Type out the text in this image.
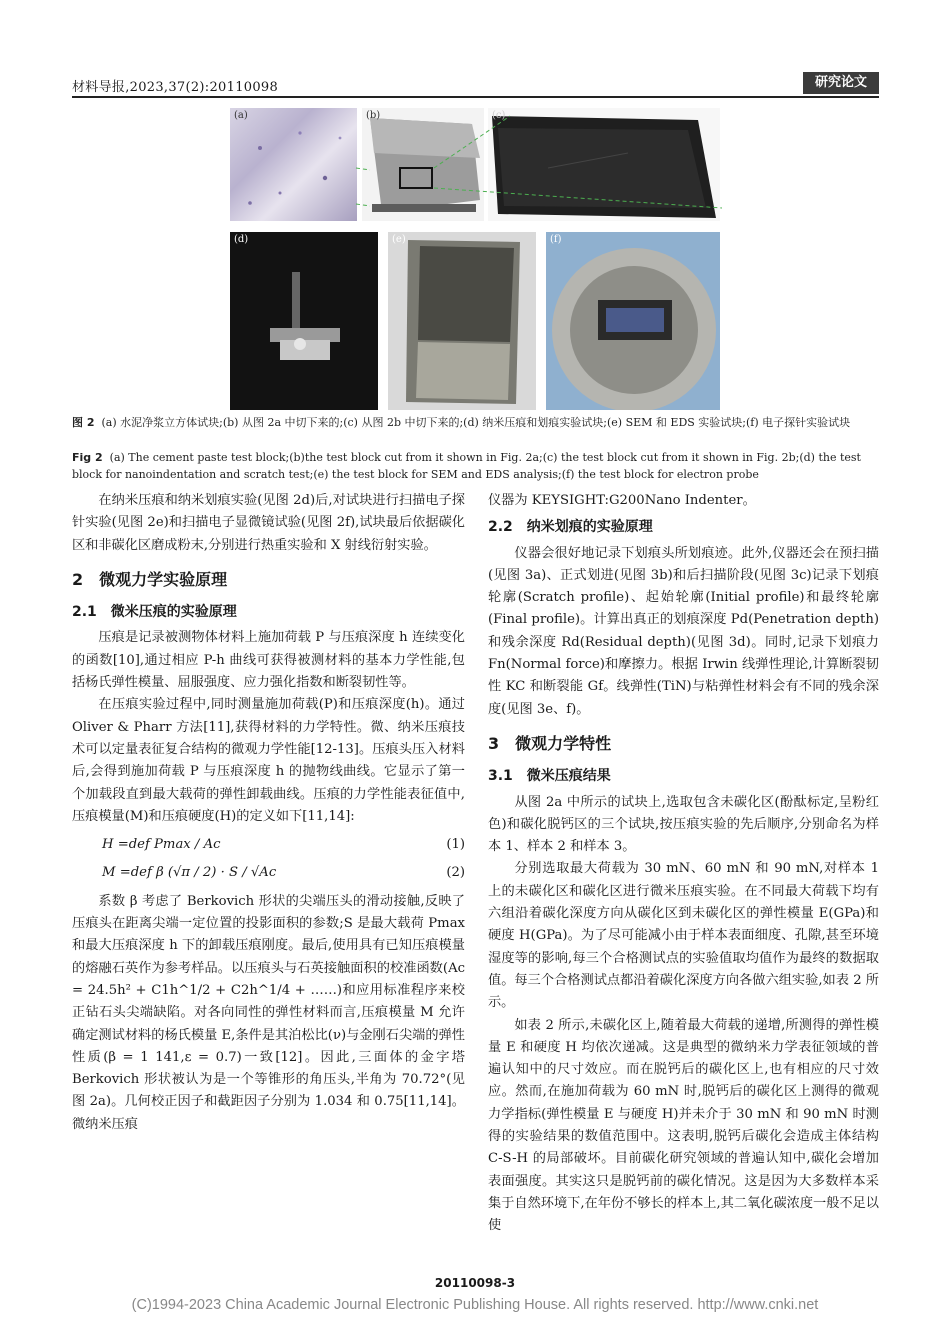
材料导报,2023,37(2):20110098	研究论文
(a)	(b)	(c)
(d)	(e)	(f)
图 2 (a) 水泥净浆立方体试块;(b) 从图 2a 中切下来的;(c) 从图 2b 中切下来的;(d) 纳米压痕和划痕实验试块;(e) SEM 和 EDS 实验试块;(f) 电子探针实验试块
Fig 2 (a) The cement paste test block;(b)the test block cut from it shown in Fig. 2a;(c) the test block cut from it shown in Fig. 2b;(d) the test block for nanoindentation and scratch test;(e) the test block for SEM and EDS analysis;(f) the test block for electron probe

在纳米压痕和纳米划痕实验(见图 2d)后,对试块进行扫描电子探针实验(见图 2e)和扫描电子显微镜试验(见图 2f),试块最后依据碳化区和非碳化区磨成粉末,分别进行热重实验和 X 射线衍射实验。

2　微观力学实验原理
2.1　微米压痕的实验原理

压痕是记录被测物体材料上施加荷载 P 与压痕深度 h 连续变化的函数[10],通过相应 P-h 曲线可获得被测材料的基本力学性能,包括杨氏弹性模量、屈服强度、应力强化指数和断裂韧性等。

在压痕实验过程中,同时测量施加荷载(P)和压痕深度(h)。通过 Oliver & Pharr 方法[11],获得材料的力学特性。微、纳米压痕技术可以定量表征复合结构的微观力学性能[12-13]。压痕头压入材料后,会得到施加荷载 P 与压痕深度 h 的抛物线曲线。它显示了第一个加载段直到最大载荷的弹性卸载曲线。压痕的力学性能表征值中,压痕模量(M)和压痕硬度(H)的定义如下[11,14]:

H =def Pmax / Ac	(1)
M =def β (√π / 2) · S / √Ac	(2)

系数 β 考虑了 Berkovich 形状的尖端压头的滑动接触,反映了压痕头在距离尖端一定位置的投影面积的参数;S 是最大载荷 Pmax 和最大压痕深度 h 下的卸载压痕刚度。最后,使用具有已知压痕模量的熔融石英作为参考样品。以压痕头与石英接触面积的校准函数(Ac = 24.5h² + C1h^1/2 + C2h^1/4 + ……)和应用标准程序来校正钻石头尖端缺陷。对各向同性的弹性材料而言,压痕模量 M 允许确定测试材料的杨氏模量 E,条件是其泊松比(ν)与金刚石尖端的弹性性质(β = 1 141,ε = 0.7)一致[12]。因此,三面体的金字塔 Berkovich 形状被认为是一个等锥形的角压头,半角为 70.72°(见图 2a)。几何校正因子和截距因子分别为 1.034 和 0.75[11,14]。微纳米压痕

仪器为 KEYSIGHT:G200Nano Indenter。

2.2　纳米划痕的实验原理

仪器会很好地记录下划痕头所划痕迹。此外,仪器还会在预扫描(见图 3a)、正式划进(见图 3b)和后扫描阶段(见图 3c)记录下划痕轮廓(Scratch profile)、起始轮廓(Initial profile)和最终轮廓(Final profile)。计算出真正的划痕深度 Pd(Penetration depth)和残余深度 Rd(Residual depth)(见图 3d)。同时,记录下划痕力 Fn(Normal force)和摩擦力。根据 Irwin 线弹性理论,计算断裂韧性 KC 和断裂能 Gf。线弹性(TiN)与粘弹性材料会有不同的残余深度(见图 3e、f)。

3　微观力学特性
3.1　微米压痕结果

从图 2a 中所示的试块上,选取包含未碳化区(酚酞标定,呈粉红色)和碳化脱钙区的三个试块,按压痕实验的先后顺序,分别命名为样本 1、样本 2 和样本 3。

分别选取最大荷载为 30 mN、60 mN 和 90 mN,对样本 1 上的未碳化区和碳化区进行微米压痕实验。在不同最大荷载下均有六组沿着碳化深度方向从碳化区到未碳化区的弹性模量 E(GPa)和硬度 H(GPa)。为了尽可能减小由于样本表面细度、孔隙,甚至环境湿度等的影响,每三个合格测试点的实验值取均值作为最终的数据取值。每三个合格测试点都沿着碳化深度方向各做六组实验,如表 2 所示。

如表 2 所示,未碳化区上,随着最大荷载的递增,所测得的弹性模量 E 和硬度 H 均依次递减。这是典型的微纳米力学表征领域的普遍认知中的尺寸效应。而在脱钙后的碳化区上,也有相应的尺寸效应。然而,在施加荷载为 60 mN 时,脱钙后的碳化区上测得的微观力学指标(弹性模量 E 与硬度 H)并未介于 30 mN 和 90 mN 时测得的实验结果的数值范围中。这表明,脱钙后碳化会造成主体结构 C-S-H 的局部破坏。目前碳化研究领域的普遍认知中,碳化会增加表面强度。其实这只是脱钙前的碳化情况。这是因为大多数样本采集于自然环境下,在年份不够长的样本上,其二氧化碳浓度一般不足以使

20110098-3
(C)1994-2023 China Academic Journal Electronic Publishing House. All rights reserved. http://www.cnki.net
